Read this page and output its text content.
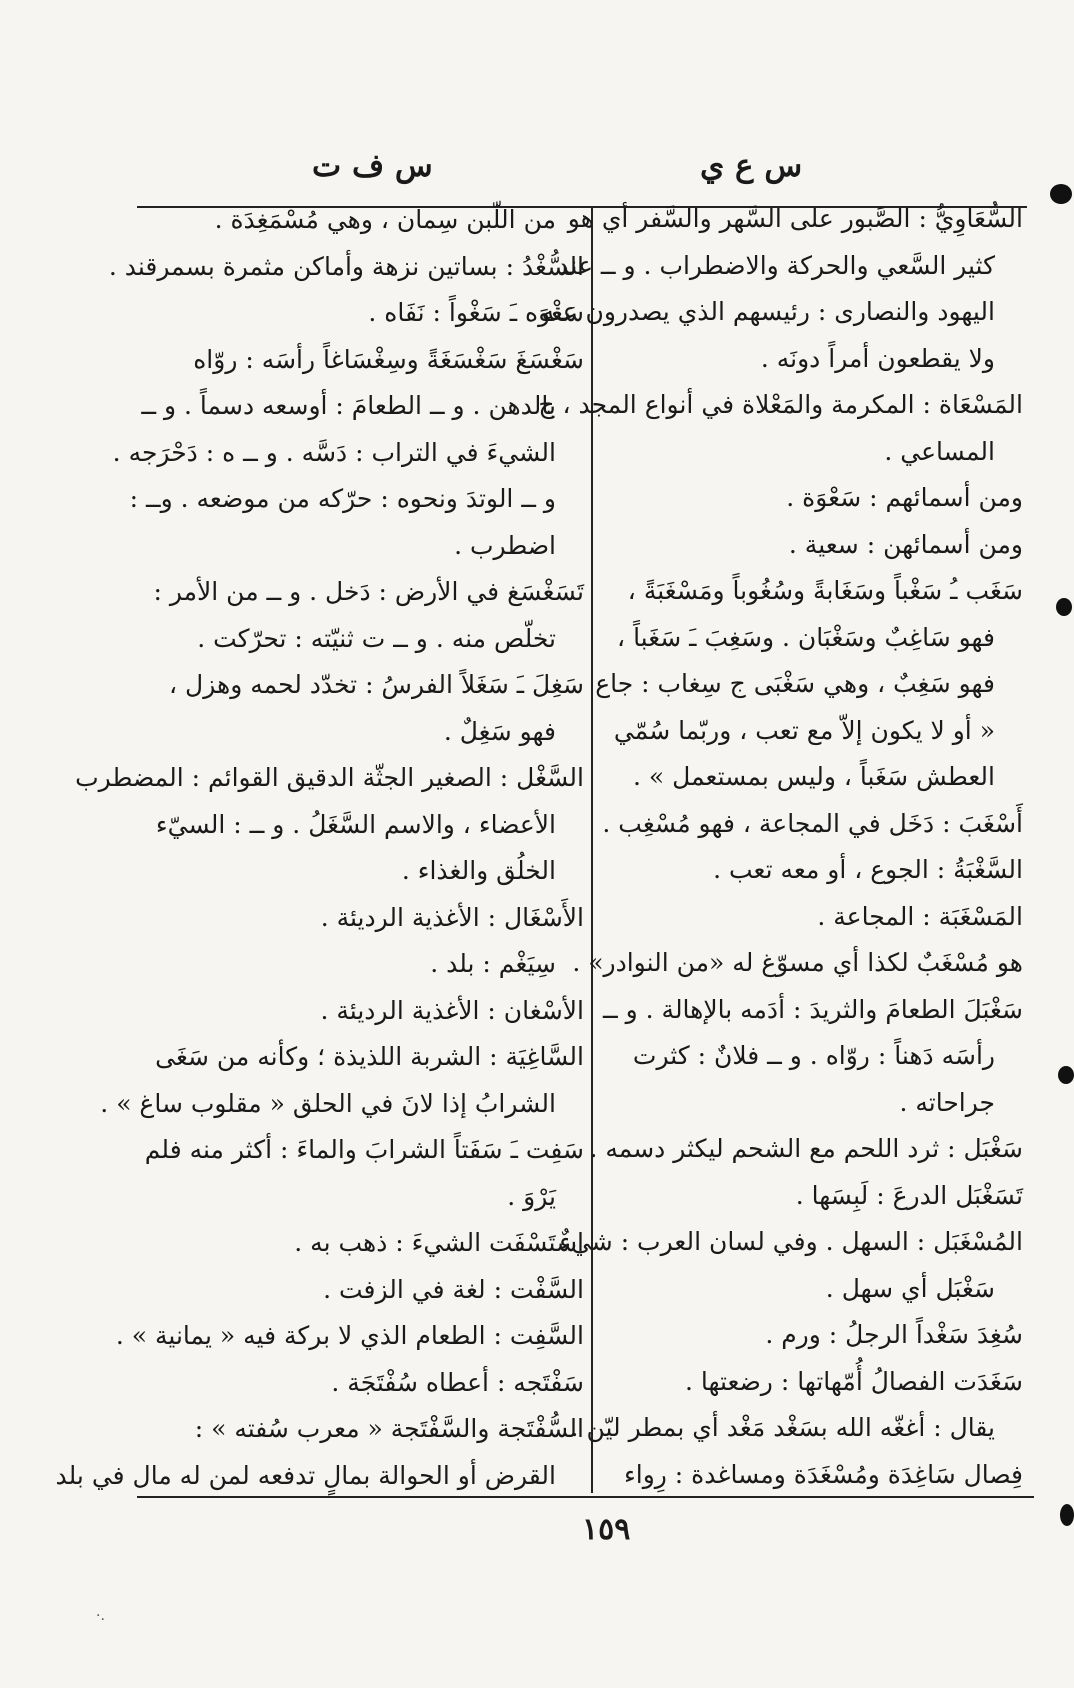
س ع ي
س ف ت
السُّعَاوِيُّ : الصَّبور على السَّهر والسَّفر أي هو
كثير السَّعي والحركة والاضطراب . و ــ عند
اليهود والنصارى : رئيسهم الذي يصدرون عنه
ولا يقطعون أمراً دونَه .
المَسْعَاة : المكرمة والمَعْلاة في أنواع المجد ، ج
المساعي .
ومن أسمائهم : سَعْوَة .
ومن أسمائهن : سعية .
سَغَب ـُ سَغْباً وسَغَابةً وسُغُوباً ومَسْغَبَةً ،
فهو سَاغِبٌ وسَغْبَان . وسَغِبَ ـَ سَغَباً ،
فهو سَغِبٌ ، وهي سَغْبَى ج سِغاب : جاع
« أو لا يكون إلاّ مع تعب ، وربّما سُمّي
العطش سَغَباً ، وليس بمستعمل » .
أَسْغَبَ : دَخَل في المجاعة ، فهو مُسْغِب .
السَّغْبَةُ : الجوع ، أو معه تعب .
المَسْغَبَة : المجاعة .
هو مُسْغَبٌ لكذا أي مسوّغ له «من النوادر» .
سَغْبَلَ الطعامَ والثريدَ : أدَمه بالإهالة . و ــ
رأسَه دَهناً : روّاه . و ــ فلانٌ : كثرت
جراحاته .
سَغْبَل : ثرد اللحم مع الشحم ليكثر دسمه .
تَسَغْبَل الدرعَ : لَبِسَها .
المُسْغَبَل : السهل . وفي لسان العرب : شيءٌ
سَغْبَل أي سهل .
سُغِدَ سَغْداً الرجلُ : ورم .
سَغَدَت الفصالُ أُمّهاتها : رضعتها .
يقال : أغغّه الله بسَغْد مَغْد أي بمطر ليّن .
فِصال سَاغِدَة ومُسْغَدَة ومساغدة : رِواء
من اللّبن سِمان ، وهي مُسْمَغِدَة .
السُّغْدُ : بساتين نزهة وأماكن مثمرة بسمرقند .
سَغْوَه ـَ سَغْواً : نَفَاه .
سَغْسَغَ سَغْسَغَةً وسِغْسَاغاً رأسَه : روّاه
بالدهن . و ــ الطعامَ : أوسعه دسماً . و ــ
الشيءَ في التراب : دَسَّه . و ــ ه : دَحْرَجه .
و ــ الوتدَ ونحوه : حرّكه من موضعه . وــ :
اضطرب .
تَسَغْسَغ في الأرض : دَخل . و ــ من الأمر :
تخلّص منه . و ــ ت ثنيّته : تحرّكت .
سَغِلَ ـَ سَغَلاً الفرسُ : تخدّد لحمه وهزل ،
فهو سَغِلٌ .
السَّغْل : الصغير الجثّة الدقيق القوائم : المضطرب
الأعضاء ، والاسم السَّغَلُ . و ــ : السيّء
الخلُق والغذاء .
الأَسْغَال : الأغذية الرديئة .
سِيَغْم : بلد .
الأسْغان : الأغذية الرديئة .
السَّاغِيَة : الشربة اللذيذة ؛ وكأنه من سَغَى
الشرابُ إذا لانَ في الحلق « مقلوب ساغ » .
سَفِت ـَ سَفَتاً الشرابَ والماءَ : أكثر منه فلم
يَرْوَ .
استَسْفَت الشيءَ : ذهب به .
السَّفْت : لغة في الزفت .
السَّفِت : الطعام الذي لا بركة فيه « يمانية » .
سَفْتَجه : أعطاه سُفْتَجَة .
السُّفْتَجة والسَّفْتَجة « معرب سُفته » :
القرض أو الحوالة بمالٍ تدفعه لمن له مال في بلد
١٥٩
·.
